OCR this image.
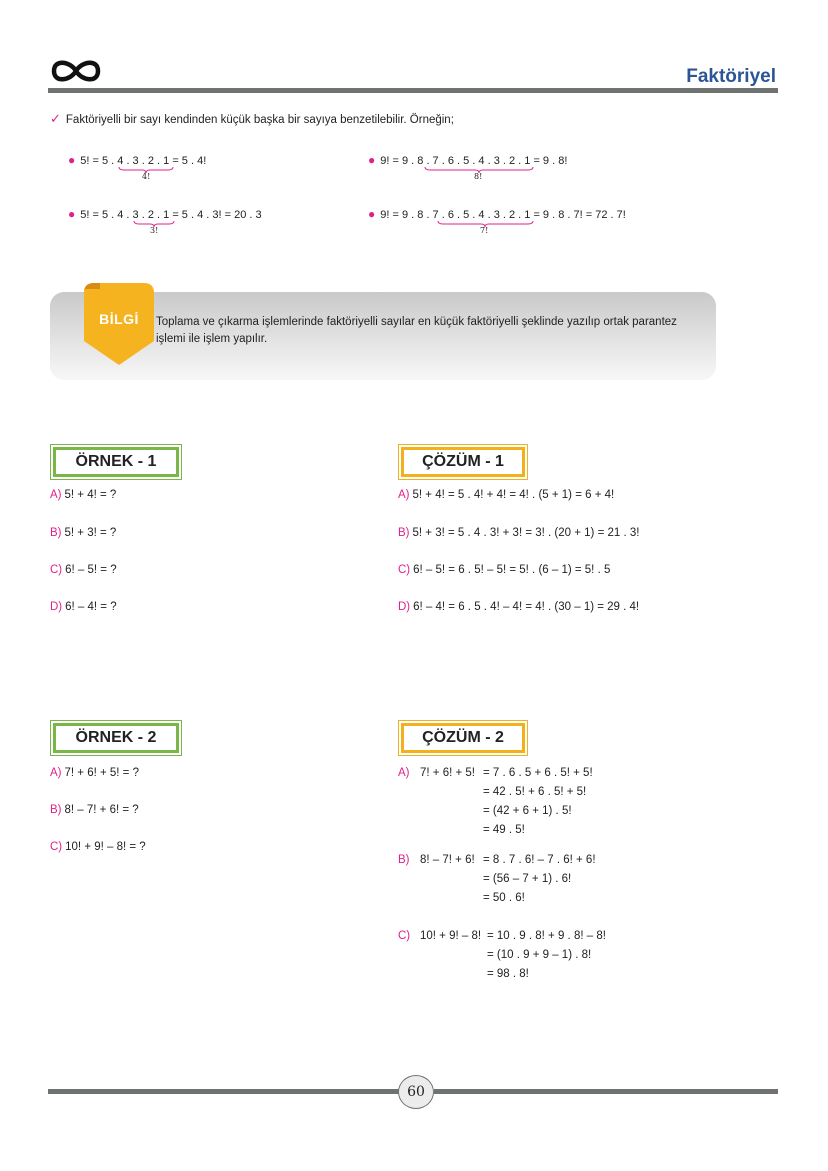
Faktöriyel
✓ Faktöriyelli bir sayı kendinden küçük başka bir sayıya benzetilebilir. Örneğin;
● 5! = 5 . 4 . 3 . 2 . 1 = 5 . 4!
4!
● 9! = 9 . 8 . 7 . 6 . 5 . 4 . 3 . 2 . 1 = 9 . 8!
8!
● 5! = 5 . 4 . 3 . 2 . 1 = 5 . 4 . 3! = 20 . 3
3!
● 9! = 9 . 8 . 7 . 6 . 5 . 4 . 3 . 2 . 1 = 9 . 8 . 7! = 72 . 7!
7!
BİLGİ	Toplama ve çıkarma işlemlerinde faktöriyelli sayılar en küçük faktöriyelli şeklinde yazılıp ortak parantez işlemi ile işlem yapılır.
ÖRNEK - 1
A) 5! + 4! = ?
B) 5! + 3! = ?
C) 6! – 5! = ?
D) 6! – 4! = ?
ÇÖZÜM - 1
A) 5! + 4! = 5 . 4! + 4! = 4! . (5 + 1) = 6 + 4!
B) 5! + 3! = 5 . 4 . 3! + 3! = 3! . (20 + 1) = 21 . 3!
C) 6! – 5! = 6 . 5! – 5! = 5! . (6 – 1) = 5! . 5
D) 6! – 4! = 6 . 5 . 4! – 4! = 4! . (30 – 1) = 29 . 4!
ÖRNEK - 2
A) 7! + 6! + 5! = ?
B) 8! – 7! + 6! = ?
C) 10! + 9! – 8! = ?
ÇÖZÜM - 2
A) 7! + 6! + 5! = 7 . 6 . 5 + 6 . 5! + 5!
= 42 . 5! + 6 . 5! + 5!
= (42 + 6 + 1) . 5!
= 49 . 5!
B) 8! – 7! + 6! = 8 . 7 . 6! – 7 . 6! + 6!
= (56 – 7 + 1) . 6!
= 50 . 6!
C) 10! + 9! – 8! = 10 . 9 . 8! + 9 . 8! – 8!
= (10 . 9 + 9 – 1) . 8!
= 98 . 8!
60
